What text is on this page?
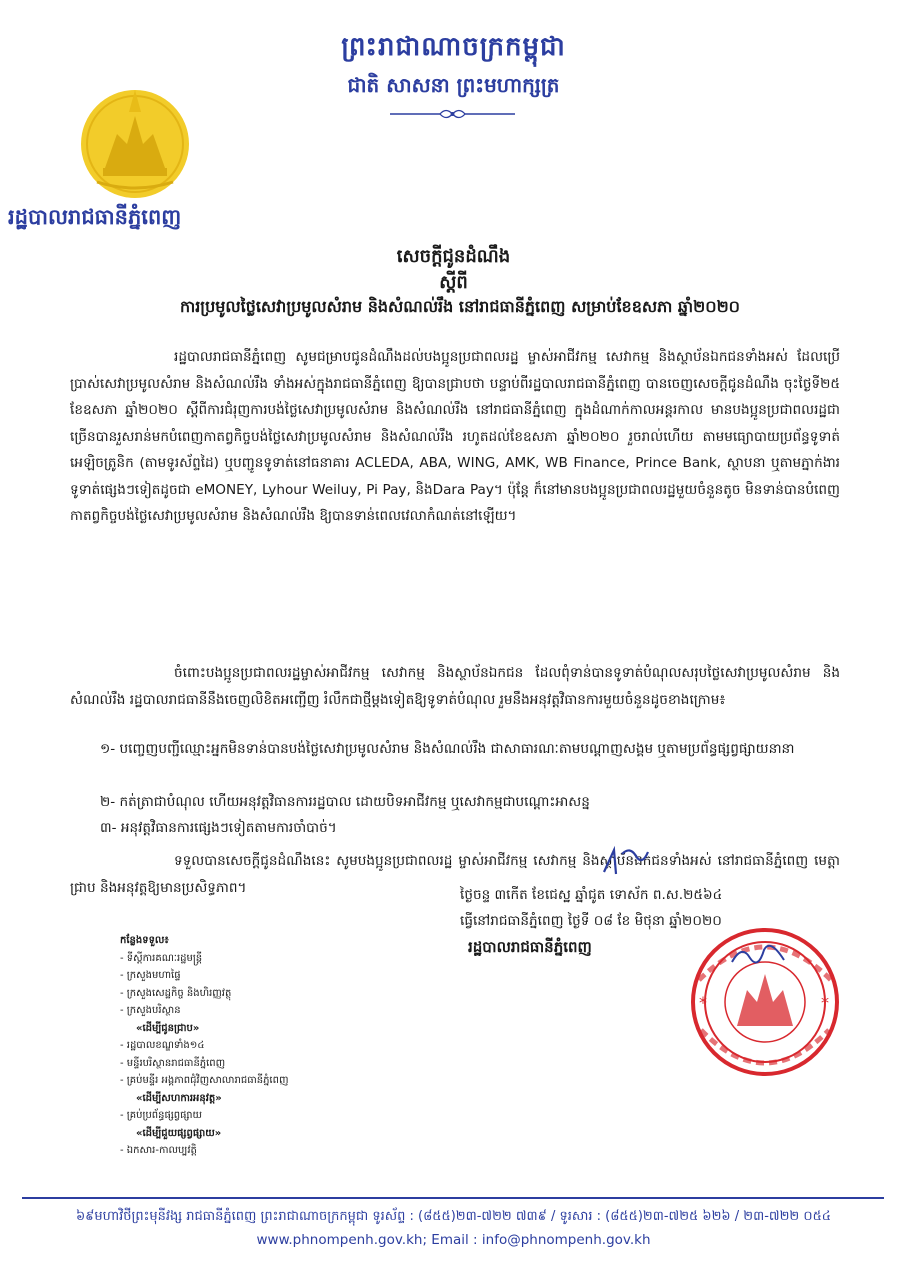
ព្រះរាជាណាចក្រកម្ពុជា
ជាតិ សាសនា ព្រះមហាក្សត្រ
រដ្ឋបាលរាជធានីភ្នំពេញ
សេចក្តីជូនដំណឹង
ស្តីពី
ការប្រមូលថ្លៃសេវាប្រមូលសំរាម និងសំណល់រឹង នៅរាជធានីភ្នំពេញ សម្រាប់ខែឧសភា ឆ្នាំ២០២០
រដ្ឋបាលរាជធានីភ្នំពេញ សូមជម្រាបជូនដំណឹងដល់បងប្អូនប្រជាពលរដ្ឋ ម្ចាស់អាជីវកម្ម សេវាកម្ម និងស្ថាប័នឯកជនទាំងអស់ ដែលប្រើប្រាស់សេវាប្រមូលសំរាម និងសំណល់រឹង ទាំងអស់ក្នុងរាជធានីភ្នំពេញ ឱ្យបានជ្រាបថា បន្ទាប់ពីរដ្ឋបាលរាជធានីភ្នំពេញ បានចេញសេចក្តីជូនដំណឹង ចុះថ្ងៃទី២៥ ខែឧសភា ឆ្នាំ២០២០ ស្តីពីការជំរុញការបង់ថ្លៃសេវាប្រមូលសំរាម និងសំណល់រឹង នៅរាជធានីភ្នំពេញ ក្នុងដំណាក់កាលអន្តរកាល មានបងប្អូនប្រជាពលរដ្ឋជាច្រើនបានរួសរាន់មកបំពេញកាតព្វកិច្ចបង់ថ្លៃសេវាប្រមូលសំរាម និងសំណល់រឹង រហូតដល់ខែឧសភា ឆ្នាំ២០២០ រួចរាល់ហើយ តាមមធ្យោបាយប្រព័ន្ធទូទាត់អេឡិចត្រូនិក (តាមទូរស័ព្ទដៃ) ឬបញ្ជូនទូទាត់នៅធនាគារ ACLEDA, ABA, WING, AMK, WB Finance, Prince Bank, ស្ថាបនា ឬតាមភ្នាក់ងារទូទាត់ផ្សេងៗទៀតដូចជា eMONEY, Lyhour Weiluy, Pi Pay, និងDara Pay។ ប៉ុន្តែ ក៏នៅមានបងប្អូនប្រជាពលរដ្ឋមួយចំនួនតូច មិនទាន់បានបំពេញកាតព្វកិច្ចបង់ថ្លៃសេវាប្រមូលសំរាម និងសំណល់រឹង ឱ្យបានទាន់ពេលវេលាកំណត់នៅឡើយ។
ចំពោះបងប្អូនប្រជាពលរដ្ឋម្ចាស់អាជីវកម្ម សេវាកម្ម និងស្ថាប័នឯកជន ដែលពុំទាន់បានទូទាត់បំណុលសរុបថ្លៃសេវាប្រមូលសំរាម និងសំណល់រឹង រដ្ឋបាលរាជធានីនឹងចេញលិខិតអញ្ជើញ រំលឹកជាថ្មីម្តងទៀតឱ្យទូទាត់បំណុល រួមនឹងអនុវត្តវិធានការមួយចំនួនដូចខាងក្រោម៖
១- បញ្ចេញបញ្ជីឈ្មោះអ្នកមិនទាន់បានបង់ថ្លៃសេវាប្រមូលសំរាម និងសំណល់រឹង ជាសាធារណៈតាមបណ្តាញសង្គម ឬតាមប្រព័ន្ធផ្សព្វផ្សាយនានា
២- កត់ត្រាជាបំណុល ហើយអនុវត្តវិធានការរដ្ឋបាល ដោយបិទអាជីវកម្ម ឬសេវាកម្មជាបណ្តោះអាសន្ន
៣- អនុវត្តវិធានការផ្សេងៗទៀតតាមការចាំបាច់។
ទទួលបានសេចក្តីជូនដំណឹងនេះ សូមបងប្អូនប្រជាពលរដ្ឋ ម្ចាស់អាជីវកម្ម សេវាកម្ម និងស្ថាប័នឯកជនទាំងអស់ នៅរាជធានីភ្នំពេញ មេត្តាជ្រាប និងអនុវត្តឱ្យមានប្រសិទ្ធភាព។	ថ្ងៃចន្ទ ៣កើត ខែជេស្ឋ ឆ្នាំជូត ទោស័ក ព.ស.២៥៦៤
ធ្វើនៅរាជធានីភ្នំពេញ ថ្ងៃទី ០៨ ខែ មិថុនា ឆ្នាំ២០២០
រដ្ឋបាលរាជធានីភ្នំពេញ
*	*
កន្លែងទទួល៖
- ទីស្តីការគណៈរដ្ឋមន្ត្រី
- ក្រសួងមហាផ្ទៃ
- ក្រសួងសេដ្ឋកិច្ច និងហិរញ្ញវត្ថុ
- ក្រសួងបរិស្ថាន
«ដើម្បីជូនជ្រាប»
- រដ្ឋបាលខណ្ឌទាំង១៤
- មន្ទីរបរិស្ថានរាជធានីភ្នំពេញ
- គ្រប់មន្ទីរ អង្គភាពជុំវិញសាលារាជធានីភ្នំពេញ
«ដើម្បីសហការអនុវត្ត»
- គ្រប់ប្រព័ន្ធផ្សព្វផ្សាយ
«ដើម្បីជួយផ្សព្វផ្សាយ»
- ឯកសារ-កាលប្បវត្តិ
៦៩មហាវិថីព្រះមុនីវង្ស រាជធានីភ្នំពេញ ព្រះរាជាណាចក្រកម្ពុជា ទូរស័ព្ទ : (៨៥៥)២៣-៧២២ ៧៣៩ / ទូរសារ : (៨៥៥)២៣-៧២៥ ៦២៦ / ២៣-៧២២ ០៥៤
www.phnompenh.gov.kh; Email : info@phnompenh.gov.kh
